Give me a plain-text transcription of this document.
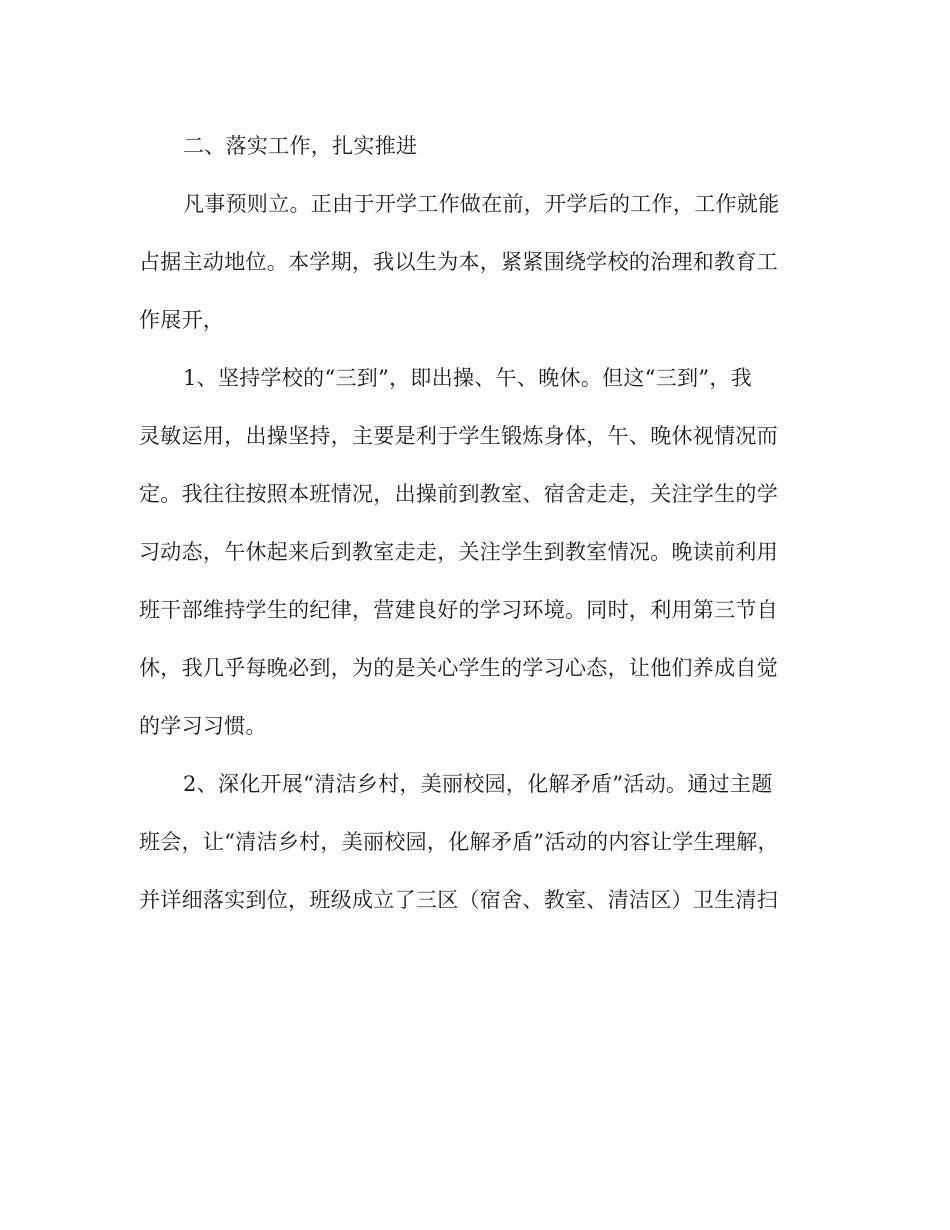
二、落实工作，扎实推进
凡事预则立。正由于开学工作做在前，开学后的工作，工作就能
占据主动地位。本学期，我以生为本，紧紧围绕学校的治理和教育工
作展开，
1、坚持学校的“三到”，即出操、午、晚休。但这“三到”，我
灵敏运用，出操坚持，主要是利于学生锻炼身体，午、晚休视情况而
定。我往往按照本班情况，出操前到教室、宿舍走走，关注学生的学
习动态，午休起来后到教室走走，关注学生到教室情况。晚读前利用
班干部维持学生的纪律，营建良好的学习环境。同时，利用第三节自
休，我几乎每晚必到，为的是关心学生的学习心态，让他们养成自觉
的学习习惯。
2、深化开展“清洁乡村，美丽校园，化解矛盾”活动。通过主题
班会，让“清洁乡村，美丽校园，化解矛盾”活动的内容让学生理解，
并详细落实到位，班级成立了三区（宿舍、教室、清洁区）卫生清扫
